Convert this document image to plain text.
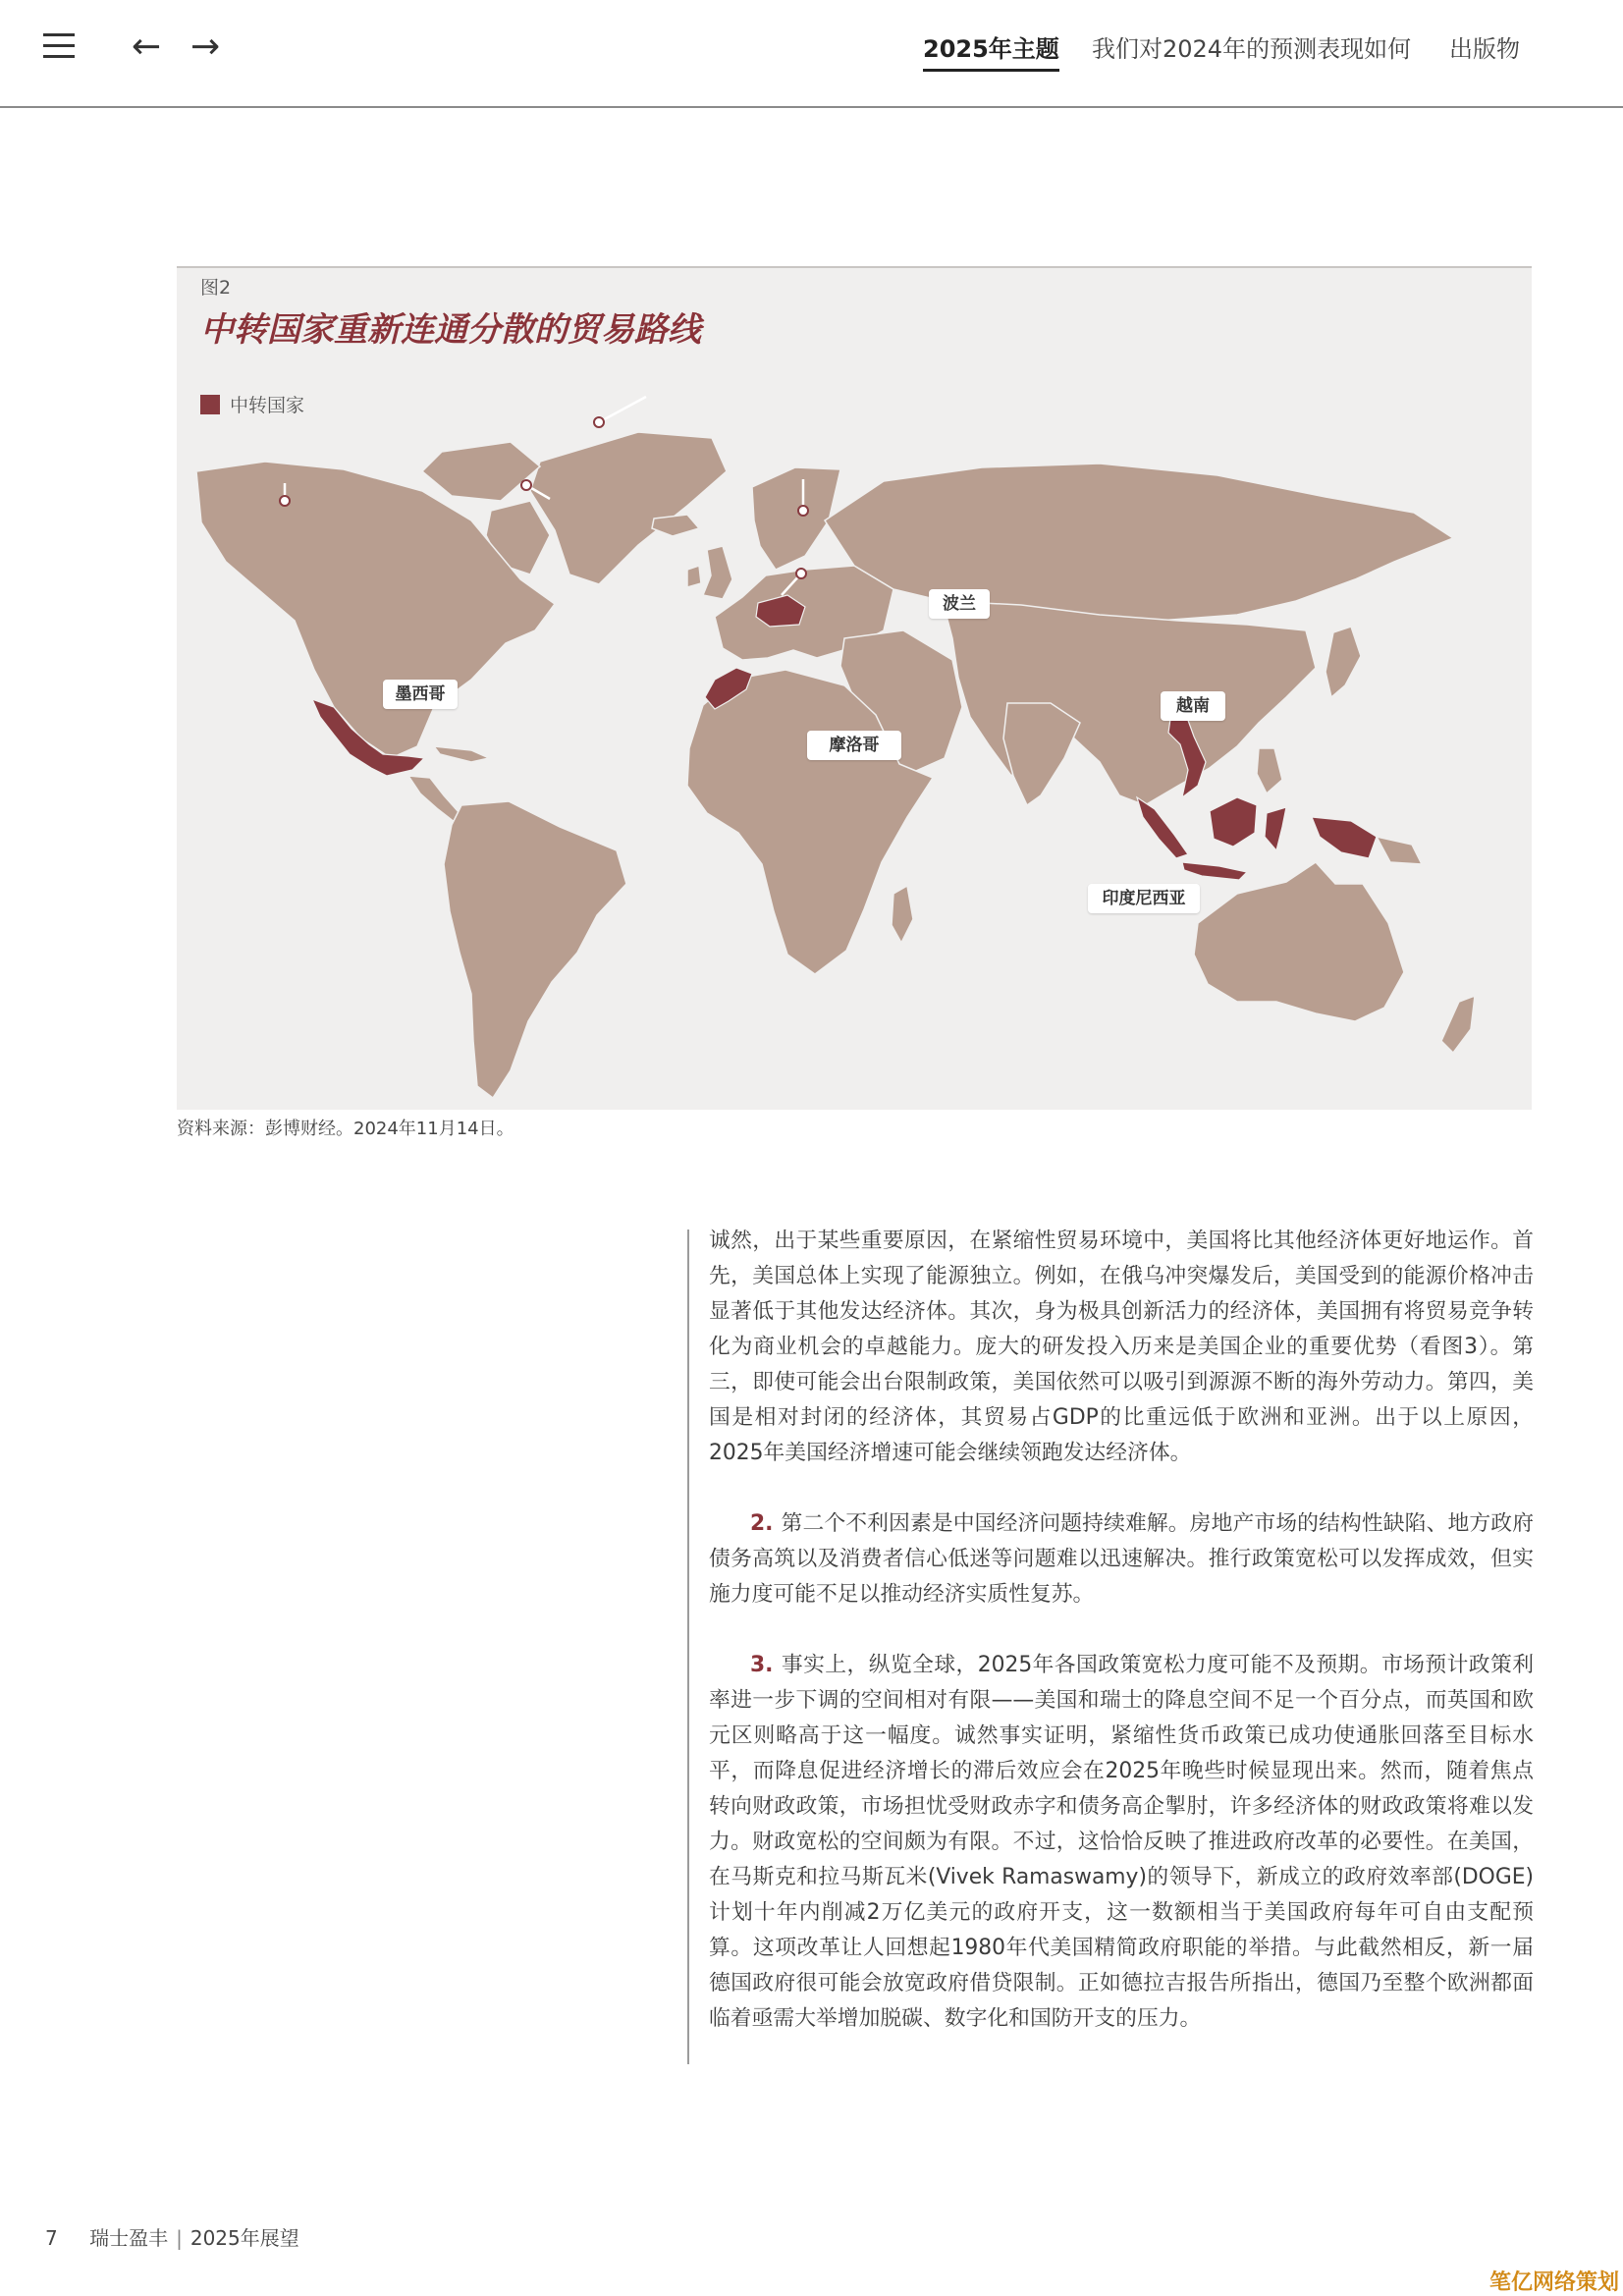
← →	2025年主题 我们对2024年的预测表现如何 出版物
图2
中转国家重新连通分散的贸易路线
中转国家
墨西哥
波兰
摩洛哥
越南
印度尼西亚
资料来源：彭博财经。2024年11月14日。

诚然，出于某些重要原因，在紧缩性贸易环境中，美国将比其他经济体更好地运作。首先，美国总体上实现了能源独立。例如，在俄乌冲突爆发后，美国受到的能源价格冲击显著低于其他发达经济体。其次，身为极具创新活力的经济体，美国拥有将贸易竞争转化为商业机会的卓越能力。庞大的研发投入历来是美国企业的重要优势（看图3）。第三，即使可能会出台限制政策，美国依然可以吸引到源源不断的海外劳动力。第四，美国是相对封闭的经济体，其贸易占GDP的比重远低于欧洲和亚洲。出于以上原因，2025年美国经济增速可能会继续领跑发达经济体。

2. 第二个不利因素是中国经济问题持续难解。房地产市场的结构性缺陷、地方政府债务高筑以及消费者信心低迷等问题难以迅速解决。推行政策宽松可以发挥成效，但实施力度可能不足以推动经济实质性复苏。

3. 事实上，纵览全球，2025年各国政策宽松力度可能不及预期。市场预计政策利率进一步下调的空间相对有限——美国和瑞士的降息空间不足一个百分点，而英国和欧元区则略高于这一幅度。诚然事实证明，紧缩性货币政策已成功使通胀回落至目标水平，而降息促进经济增长的滞后效应会在2025年晚些时候显现出来。然而，随着焦点转向财政政策，市场担忧受财政赤字和债务高企掣肘，许多经济体的财政政策将难以发力。财政宽松的空间颇为有限。不过，这恰恰反映了推进政府改革的必要性。在美国，在马斯克和拉马斯瓦米(Vivek Ramaswamy)的领导下，新成立的政府效率部(DOGE)计划十年内削减2万亿美元的政府开支，这一数额相当于美国政府每年可自由支配预算。这项改革让人回想起1980年代美国精简政府职能的举措。与此截然相反，新一届德国政府很可能会放宽政府借贷限制。正如德拉吉报告所指出，德国乃至整个欧洲都面临着亟需大举增加脱碳、数字化和国防开支的压力。

7 瑞士盈丰 | 2025年展望
笔亿网络策划
